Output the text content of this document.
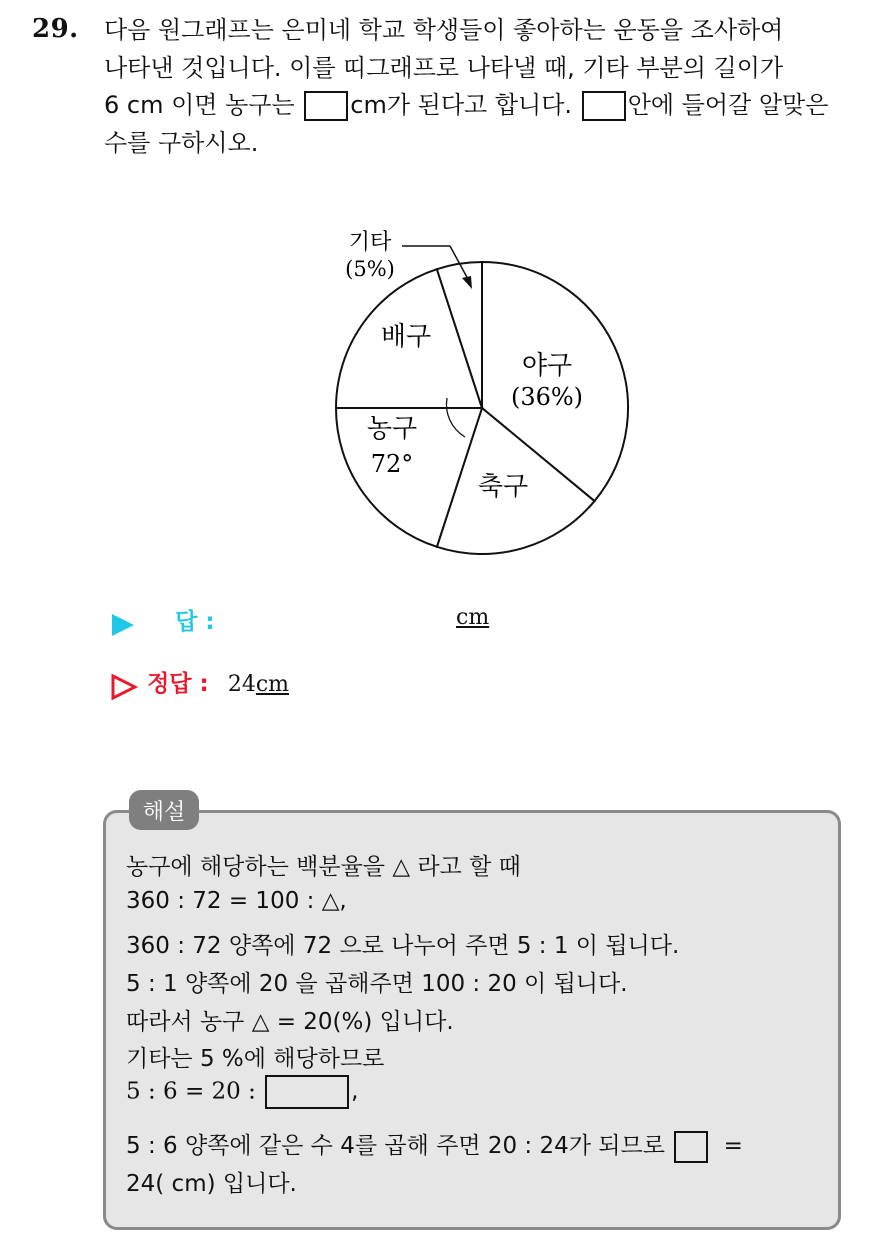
29. 다음 원그래프는 은미네 학교 학생들이 좋아하는 운동을 조사하여
나타낸 것입니다. 이를 띠그래프로 나타낼 때, 기타 부분의 길이가
6 cm 이면 농구는 cm가 된다고 합니다. 안에 들어갈 알맞은
수를 구하시오.
야구
(36%)
배구
농구
72°
축구
기타
(5%)
답 :	cm
정답 : 24cm
해설
농구에 해당하는 백분율을 △ 라고 할 때
360 : 72 = 100 : △,
360 : 72 양쪽에 72 으로 나누어 주면 5 : 1 이 됩니다.
5 : 1 양쪽에 20 을 곱해주면 100 : 20 이 됩니다.
따라서 농구 △ = 20(%) 입니다.
기타는 5 %에 해당하므로
5 : 6 = 20 :	,
5 : 6 양쪽에 같은 수 4를 곱해 주면 20 : 24가 되므로	=
24( cm) 입니다.
